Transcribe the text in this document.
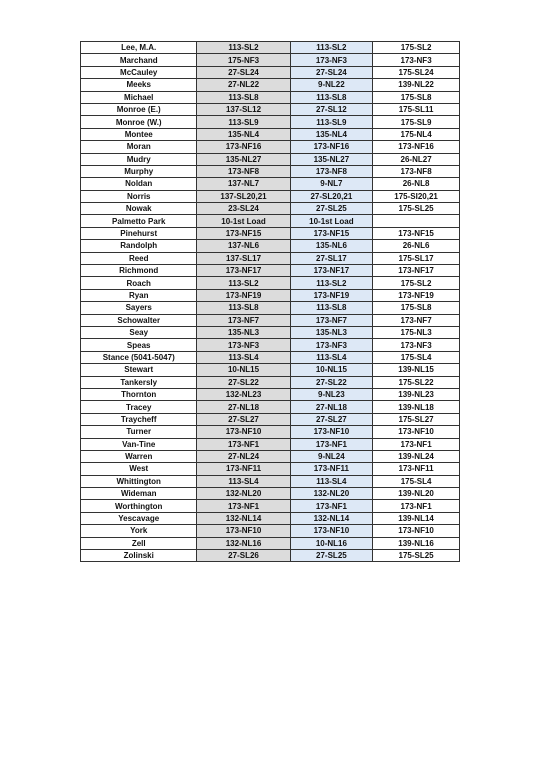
Lee, M.A.	113-SL2	113-SL2	175-SL2
Marchand	175-NF3	173-NF3	173-NF3
McCauley	27-SL24	27-SL24	175-SL24
Meeks	27-NL22	9-NL22	139-NL22
Michael	113-SL8	113-SL8	175-SL8
Monroe (E.)	137-SL12	27-SL12	175-SL11
Monroe (W.)	113-SL9	113-SL9	175-SL9
Montee	135-NL4	135-NL4	175-NL4
Moran	173-NF16	173-NF16	173-NF16
Mudry	135-NL27	135-NL27	26-NL27
Murphy	173-NF8	173-NF8	173-NF8
Noldan	137-NL7	9-NL7	26-NL8
Norris	137-SL20,21	27-SL20,21	175-SI20,21
Nowak	23-SL24	27-SL25	175-SL25
Palmetto Park	10-1st Load	10-1st Load	
Pinehurst	173-NF15	173-NF15	173-NF15
Randolph	137-NL6	135-NL6	26-NL6
Reed	137-SL17	27-SL17	175-SL17
Richmond	173-NF17	173-NF17	173-NF17
Roach	113-SL2	113-SL2	175-SL2
Ryan	173-NF19	173-NF19	173-NF19
Sayers	113-SL8	113-SL8	175-SL8
Schowalter	173-NF7	173-NF7	173-NF7
Seay	135-NL3	135-NL3	175-NL3
Speas	173-NF3	173-NF3	173-NF3
Stance (5041-5047)	113-SL4	113-SL4	175-SL4
Stewart	10-NL15	10-NL15	139-NL15
Tankersly	27-SL22	27-SL22	175-SL22
Thornton	132-NL23	9-NL23	139-NL23
Tracey	27-NL18	27-NL18	139-NL18
Traycheff	27-SL27	27-SL27	175-SL27
Turner	173-NF10	173-NF10	173-NF10
Van-Tine	173-NF1	173-NF1	173-NF1
Warren	27-NL24	9-NL24	139-NL24
West	173-NF11	173-NF11	173-NF11
Whittington	113-SL4	113-SL4	175-SL4
Wideman	132-NL20	132-NL20	139-NL20
Worthington	173-NF1	173-NF1	173-NF1
Yescavage	132-NL14	132-NL14	139-NL14
York	173-NF10	173-NF10	173-NF10
Zell	132-NL16	10-NL16	139-NL16
Zolinski	27-SL26	27-SL25	175-SL25
